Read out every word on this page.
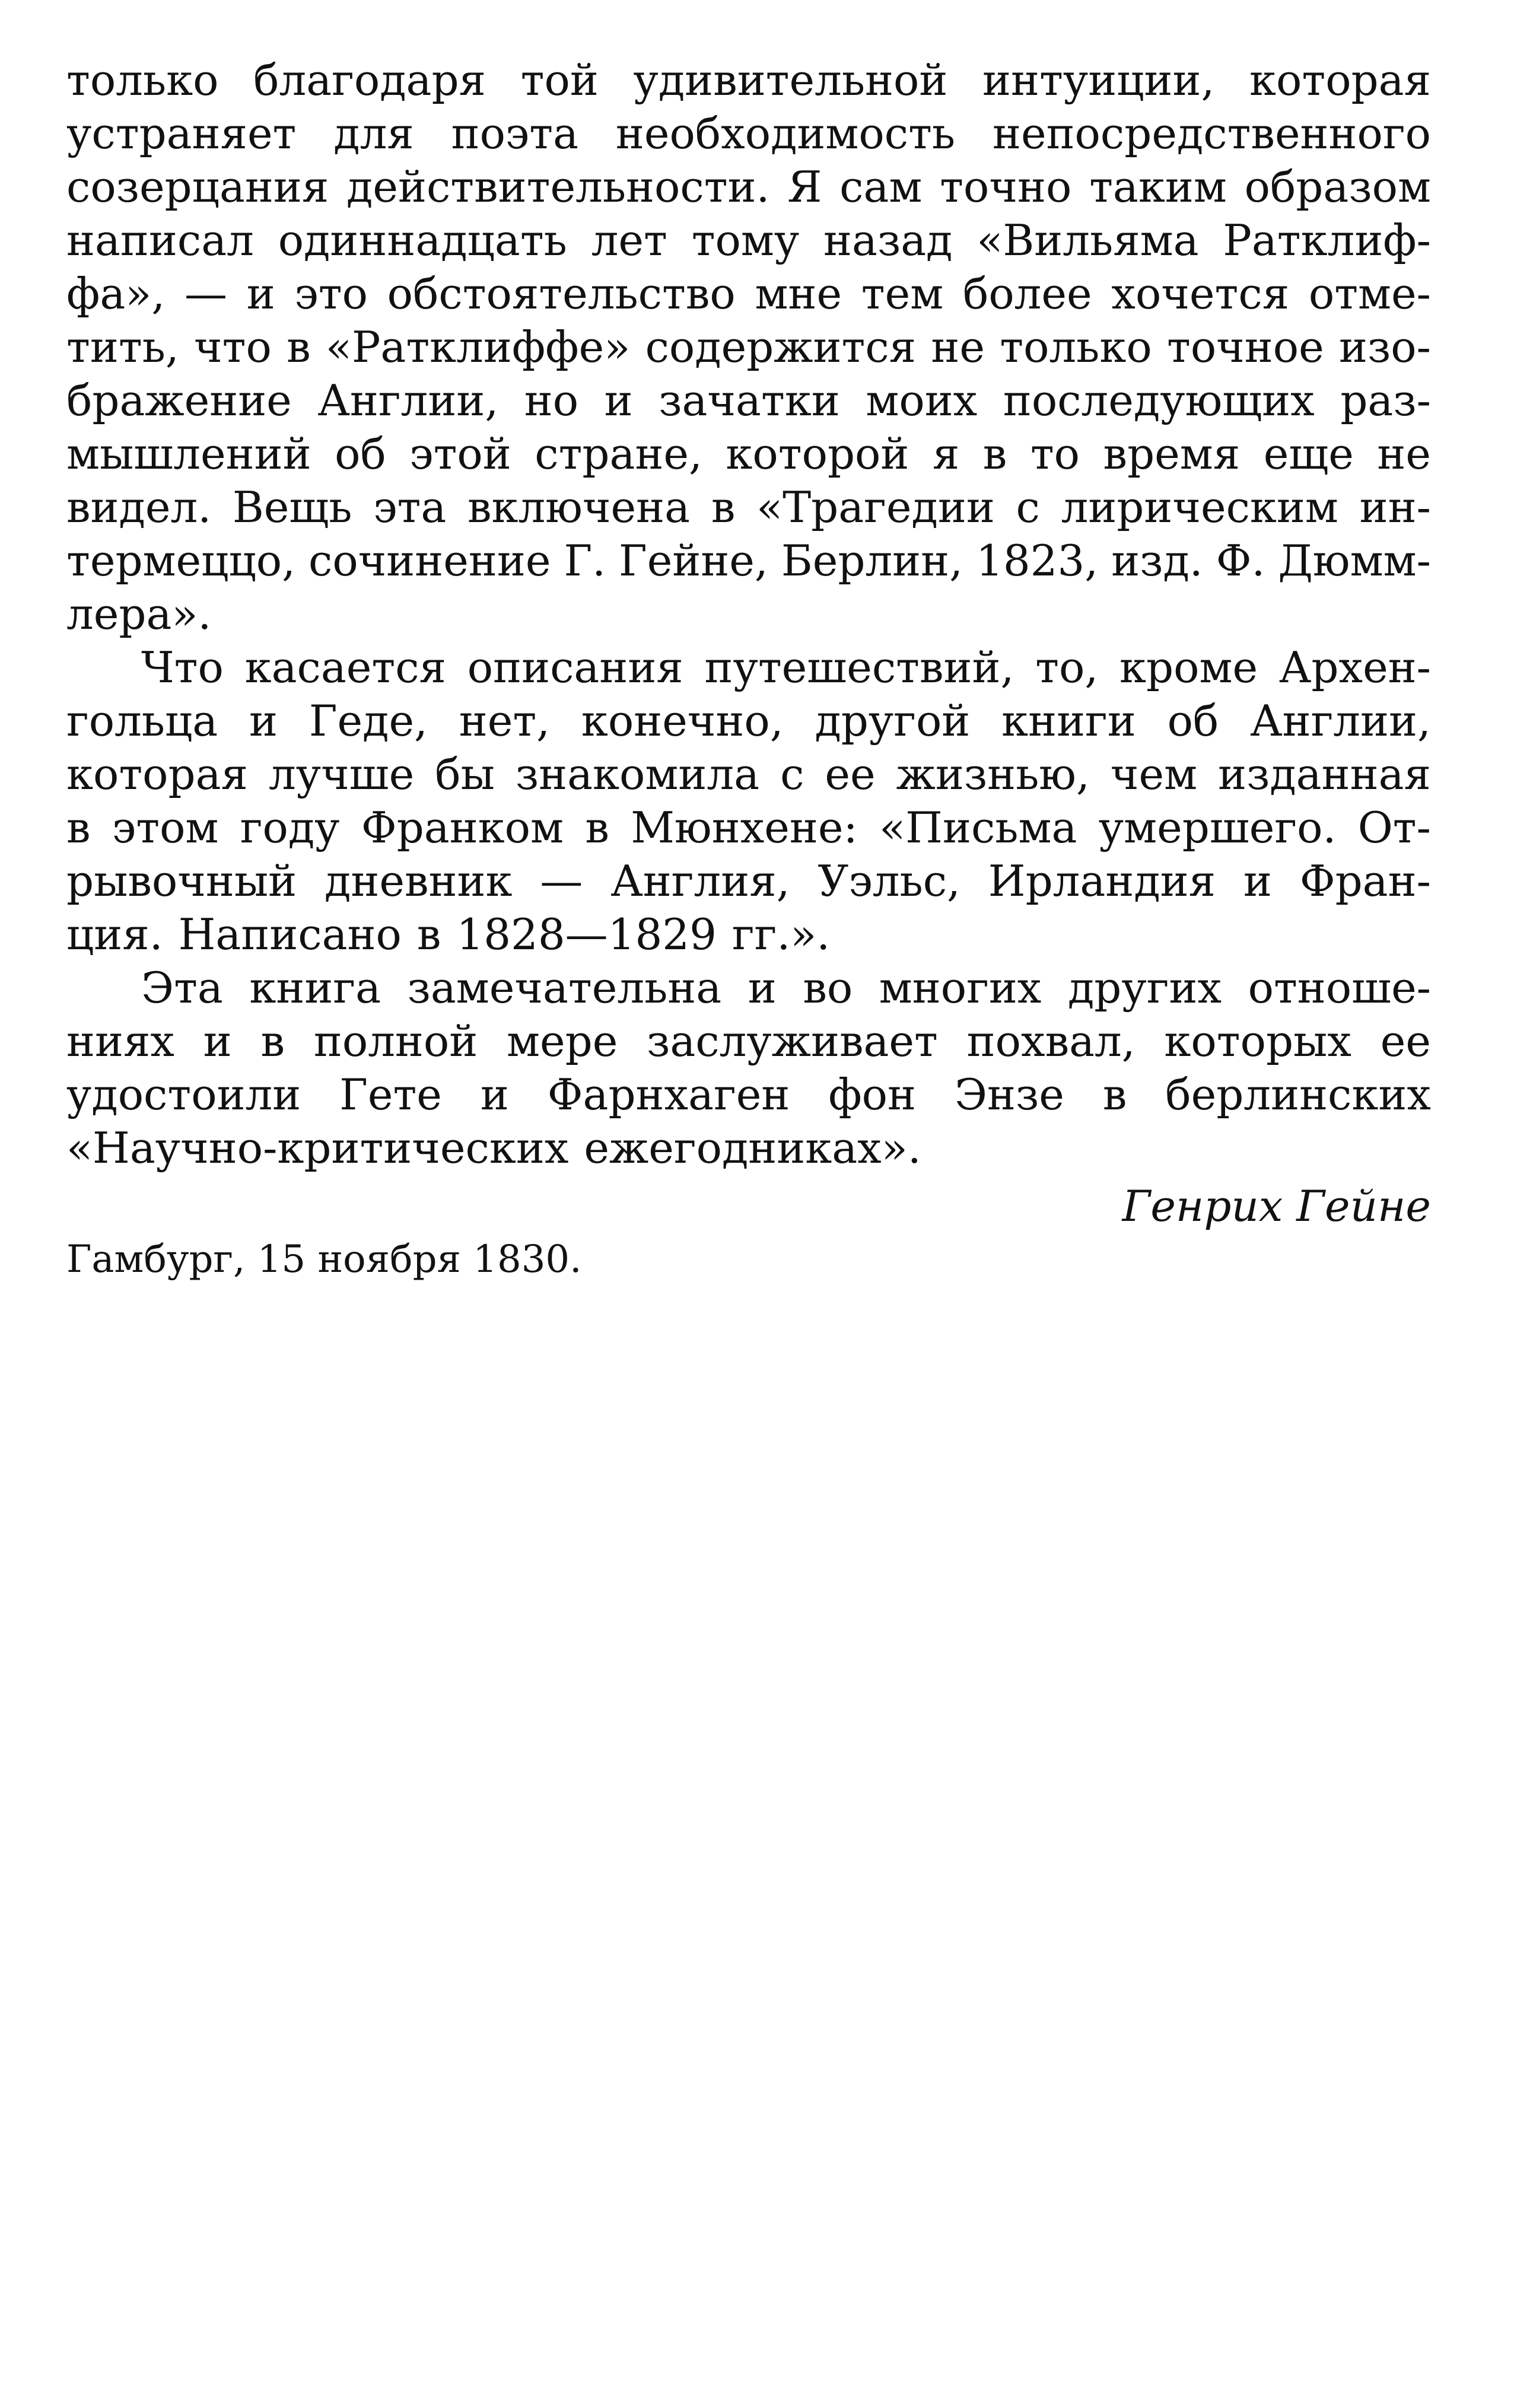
только благодаря той удивительной интуиции, которая
устраняет для поэта необходимость непосредственного
созерцания действительности. Я сам точно таким образом
написал одиннадцать лет тому назад «Вильяма Ратклиф-
фа», — и это обстоятельство мне тем более хочется отме-
тить, что в «Ратклиффе» содержится не только точное изо-
бражение Англии, но и зачатки моих последующих раз-
мышлений об этой стране, которой я в то время еще не
видел. Вещь эта включена в «Трагедии с лирическим ин-
термеццо, сочинение Г. Гейне, Берлин, 1823, изд. Ф. Дюмм-
лера».
Что касается описания путешествий, то, кроме Архен-
гольца и Геде, нет, конечно, другой книги об Англии,
которая лучше бы знакомила с ее жизнью, чем изданная
в этом году Франком в Мюнхене: «Письма умершего. От-
рывочный дневник — Англия, Уэльс, Ирландия и Фран-
ция. Написано в 1828—1829 гг.».
Эта книга замечательна и во многих других отноше-
ниях и в полной мере заслуживает похвал, которых ее
удостоили Гете и Фарнхаген фон Энзе в берлинских
«Научно-критических ежегодниках».
Генрих Гейне
Гамбург, 15 ноября 1830.
